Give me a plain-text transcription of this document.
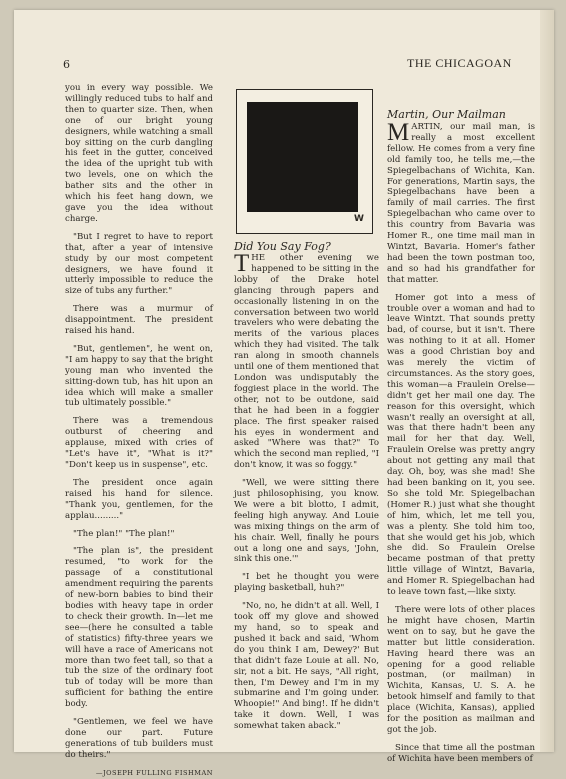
6	THE CHICAGOAN

you in every way possible. We willingly reduced tubs to half and then to quarter size. Then, when one of our bright young designers, while watching a small boy sitting on the curb dangling his feet in the gutter, conceived the idea of the upright tub with two levels, one on which the bather sits and the other in which his feet hang down, we gave you the idea without charge.

"But I regret to have to report that, after a year of intensive study by our most competent designers, we have found it utterly impossible to reduce the size of tubs any further."

There was a murmur of disappointment. The president raised his hand.

"But, gentlemen", he went on, "I am happy to say that the bright young man who invented the sitting-down tub, has hit upon an idea which will make a smaller tub ultimately possible."

There was a tremendous outburst of cheering and applause, mixed with cries of "Let's have it", "What is it?" "Don't keep us in suspense", etc.

The president once again raised his hand for silence. "Thank you, gentlemen, for the applau........."

"The plan!" "The plan!"

"The plan is", the president resumed, "to work for the passage of a constitutional amendment requiring the parents of new-born babies to bind their bodies with heavy tape in order to check their growth. In—let me see—(here he consulted a table of statistics) fifty-three years we will have a race of Americans not more than two feet tall, so that a tub the size of the ordinary foot tub of today will be more than sufficient for bathing the entire body.

"Gentlemen, we feel we have done our part. Future generations of tub builders must do theirs."

—JOSEPH FULLING FISHMAN
W
Did You Say Fog?

THE other evening we happened to be sitting in the lobby of the Drake hotel glancing through papers and occasionally listening in on the conversation between two world travelers who were debating the merits of the various places which they had visited. The talk ran along in smooth channels until one of them mentioned that London was undisputably the foggiest place in the world. The other, not to be outdone, said that he had been in a foggier place. The first speaker raised his eyes in wonderment and asked "Where was that?" To which the second man replied, "I don't know, it was so foggy."

"Well, we were sitting there just philosophising, you know. We were a bit blotto, I admit, feeling high anyway. And Louie was mixing things on the arm of his chair. Well, finally he pours out a long one and says, 'John, sink this one.'"

"I bet he thought you were playing basketball, huh?"

"No, no, he didn't at all. Well, I took off my glove and showed my hand, so to speak and pushed it back and said, 'Whom do you think I am, Dewey?' But that didn't faze Louie at all. No, sir, not a bit. He says, "All right, then, I'm Dewey and I'm in my submarine and I'm going under. Whoopie!" And bing!. If he didn't take it down. Well, I was somewhat taken aback."

Martin, Our Mailman

MARTIN, our mail man, is really a most excellent fellow. He comes from a very fine old family too, he tells me,—the Spiegelbachans of Wichita, Kan. For generations, Martin says, the Spiegelbachans have been a family of mail carries. The first Spiegelbachan who came over to this country from Bavaria was Homer R., one time mail man in Wintzt, Bavaria. Homer's father had been the town postman too, and so had his grandfather for that matter.

Homer got into a mess of trouble over a woman and had to leave Wintzt. That sounds pretty bad, of course, but it isn't. There was nothing to it at all. Homer was a good Christian boy and was merely the victim of circumstances. As the story goes, this woman—a Fraulein Orelse—didn't get her mail one day. The reason for this oversight, which wasn't really an oversight at all, was that there hadn't been any mail for her that day. Well, Fraulein Orelse was pretty angry about not getting any mail that day. Oh, boy, was she mad! She had been banking on it, you see. So she told Mr. Spiegelbachan (Homer R.) just what she thought of him, which, let me tell you, was a plenty. She told him too, that she would get his job, which she did. So Fraulein Orelse became postman of that pretty little village of Wintzt, Bavaria, and Homer R. Spiegelbachan had to leave town fast,—like sixty.

There were lots of other places he might have chosen, Martin went on to say, but he gave the matter but little consideration. Having heard there was an opening for a good reliable postman, (or mailman) in Wichita, Kansas, U. S. A. he betook himself and family to that place (Wichita, Kansas), applied for the position as mailman and got the job.

Since that time all the postman of Wichita have been members of
